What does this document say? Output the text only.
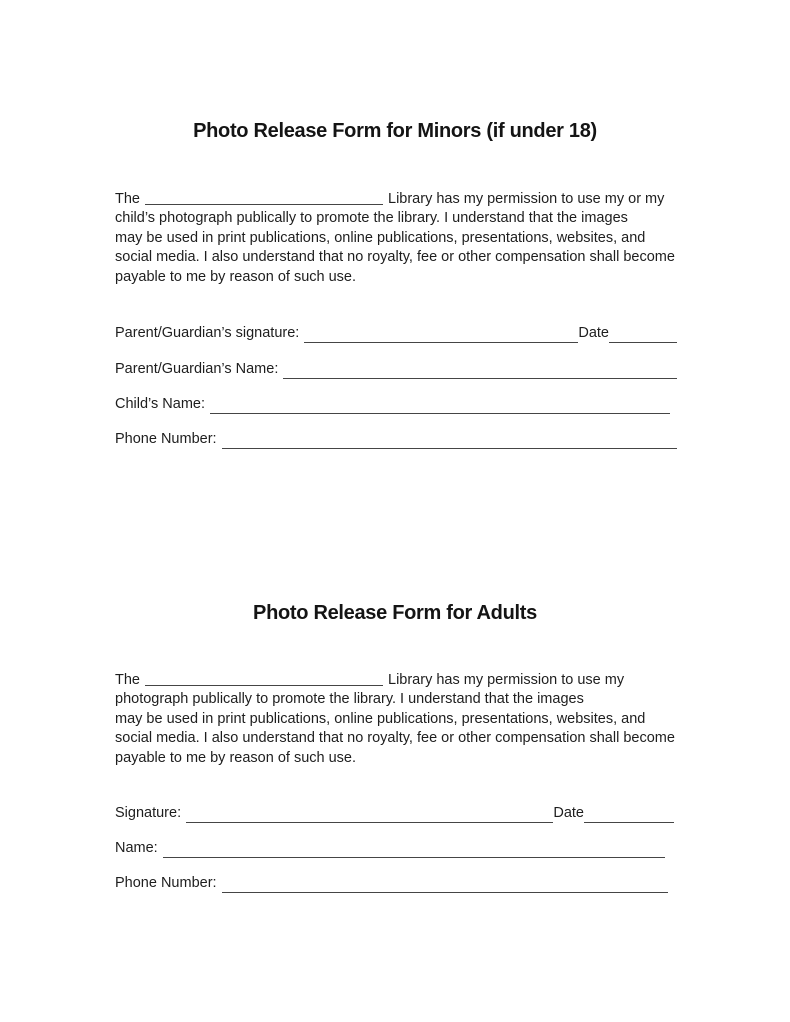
Photo Release Form for Minors (if under 18)
The	Library has my permission to use my or my
child’s photograph publically to promote the library. I understand that the images
may be used in print publications, online publications, presentations, websites, and
social media. I also understand that no royalty, fee or other compensation shall become
payable to me by reason of such use.
Parent/Guardian’s signature:	Date
Parent/Guardian’s Name:
Child’s Name:
Phone Number:
Photo Release Form for Adults
The	Library has my permission to use my
photograph publically to promote the library. I understand that the images
may be used in print publications, online publications, presentations, websites, and
social media. I also understand that no royalty, fee or other compensation shall become
payable to me by reason of such use.
Signature:	Date
Name:
Phone Number:
